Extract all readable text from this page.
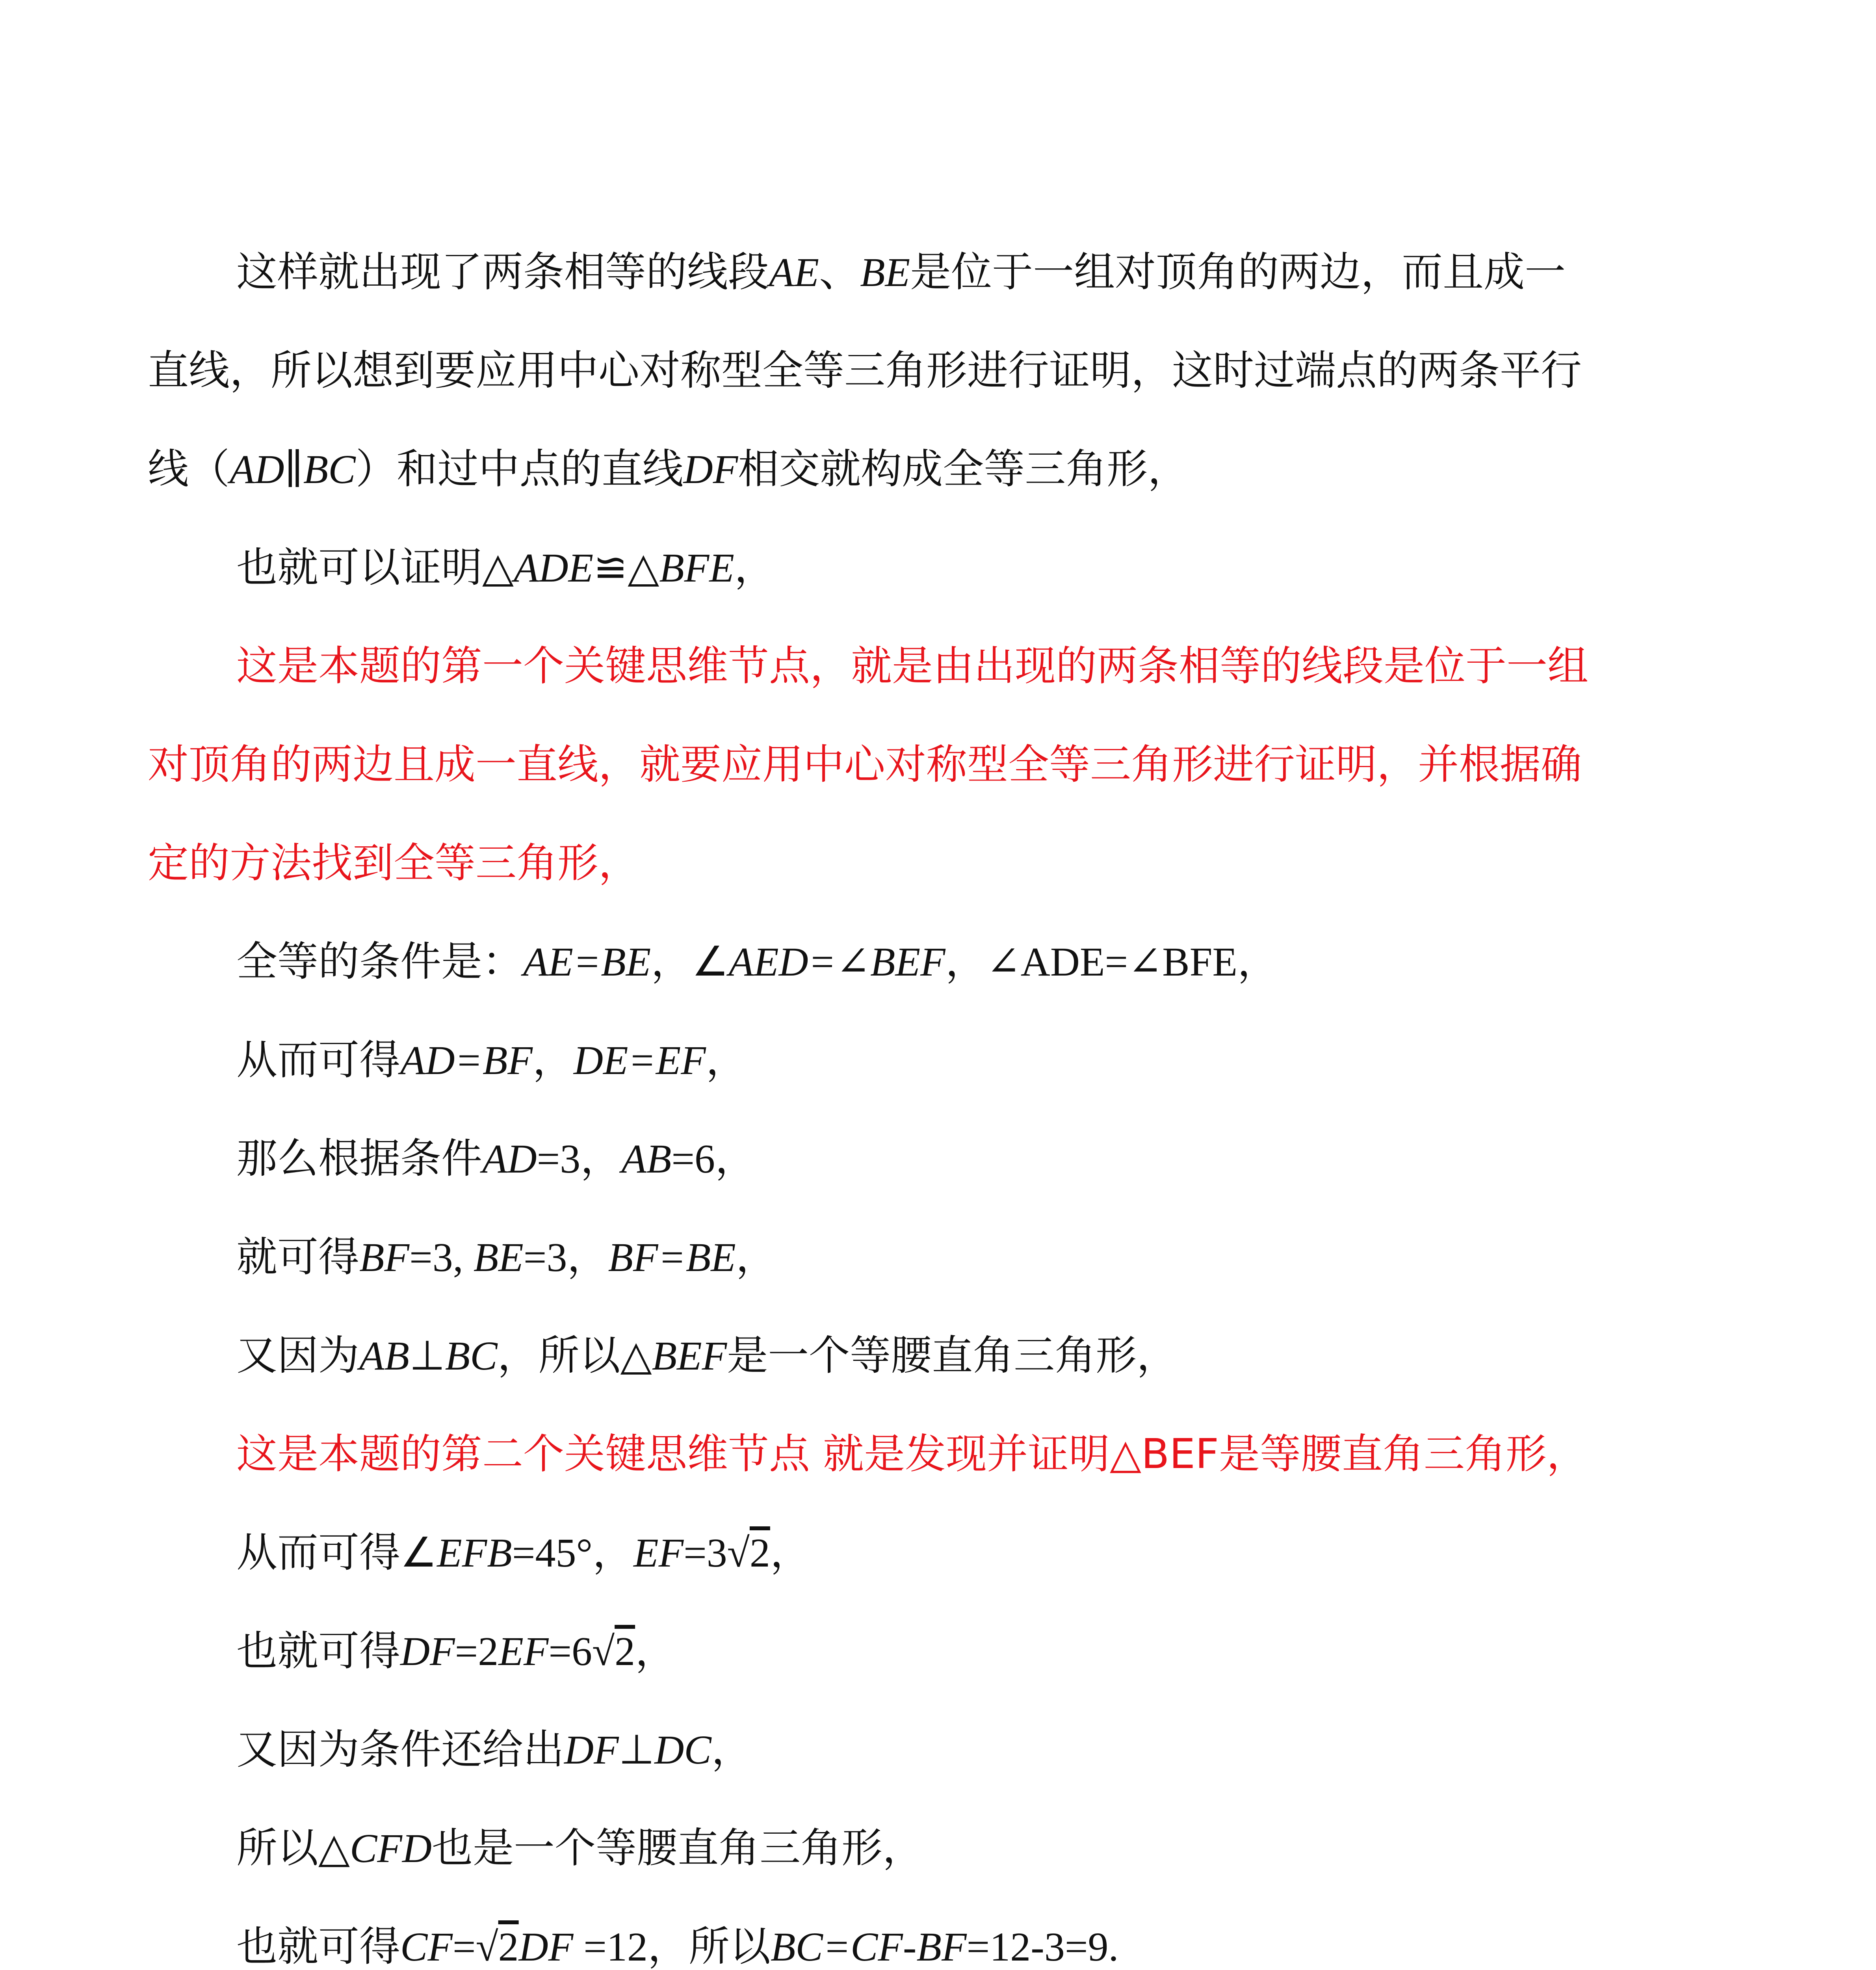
这样就出现了两条相等的线段AE、BE是位于一组对顶角的两边，而且成一
直线，所以想到要应用中心对称型全等三角形进行证明，这时过端点的两条平行
线（AD∥BC）和过中点的直线DF相交就构成全等三角形，
也就可以证明△ADE≌△BFE，
这是本题的第一个关键思维节点，就是由出现的两条相等的线段是位于一组
对顶角的两边且成一直线，就要应用中心对称型全等三角形进行证明，并根据确
定的方法找到全等三角形，
全等的条件是：AE=BE，∠AED=∠BEF，∠ADE=∠BFE，
从而可得AD=BF，DE=EF，
那么根据条件AD=3，AB=6，
就可得BF=3, BE=3，BF=BE，
又因为AB⊥BC，所以△BEF是一个等腰直角三角形，
这是本题的第二个关键思维节点 就是发现并证明△BEF是等腰直角三角形，
从而可得∠EFB=45°，EF=3√2，
也就可得DF=2EF=6√2，
又因为条件还给出DF⊥DC，
所以△CFD也是一个等腰直角三角形，
也就可得CF=√2DF =12，所以BC=CF-BF=12-3=9.
